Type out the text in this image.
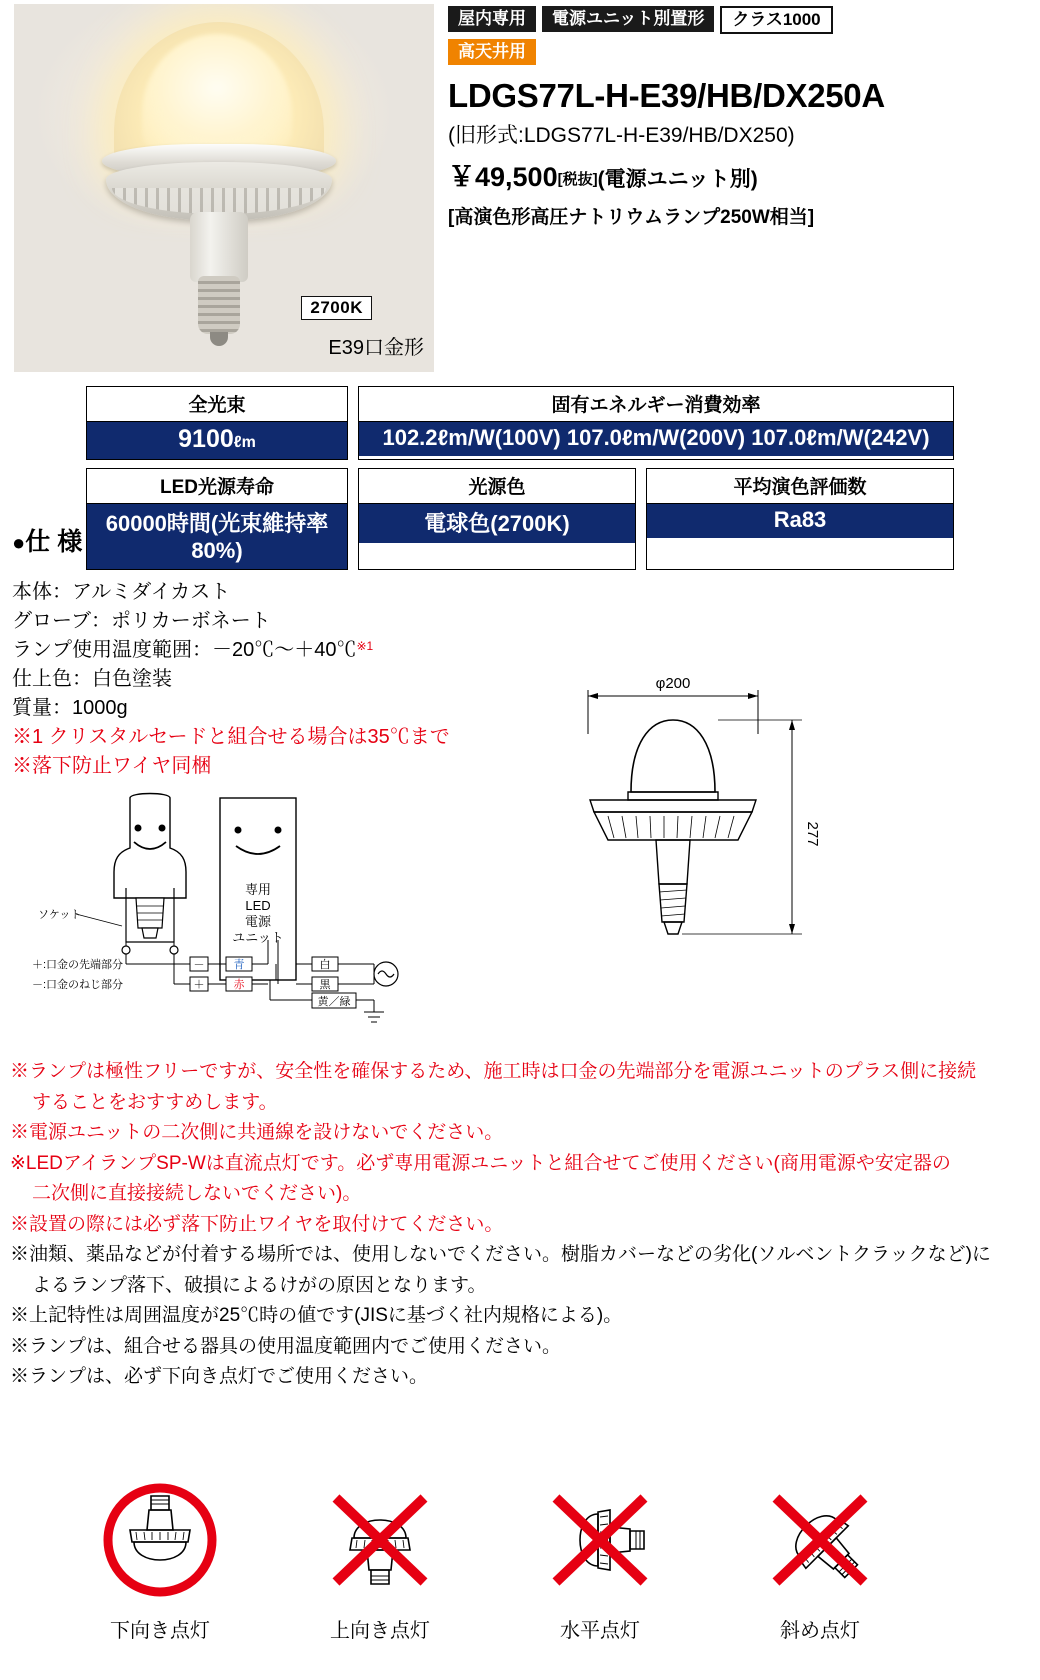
2700K
E39口金形
屋内専用	電源ユニット別置形	クラス1000
高天井用
LDGS77L-H-E39/HB/DX250A
(旧形式:LDGS77L-H-E39/HB/DX250)
￥49,500[税抜](電源ユニット別)
[高演色形高圧ナトリウムランプ250W相当]
全光束
9100ℓm
固有エネルギー消費効率
102.2ℓm/W(100V) 107.0ℓm/W(200V) 107.0ℓm/W(242V)
LED光源寿命
60000時間(光束維持率80%)
光源色
電球色(2700K)
平均演色評価数
Ra83
●仕 様
本体：アルミダイカスト
グローブ：ポリカーボネート
ランプ使用温度範囲：－20℃～＋40℃$^{※1}$
仕上色：白色塗装
質量：1000g
※1 クリスタルセードと組合せる場合は35℃まで
※落下防止ワイヤ同梱
φ200
277
ソケット
専用
LED
電源
ユニット
＋:口金の先端部分
－:口金のねじ部分
－
＋
青
赤
白
黒
黄／緑

※ランプは極性フリーですが、安全性を確保するため、施工時は口金の先端部分を電源ユニットのプラス側に接続

することをおすすめします。

※電源ユニットの二次側に共通線を設けないでください。

※LEDアイランプSP-Wは直流点灯です。必ず専用電源ユニットと組合せてご使用ください(商用電源や安定器の

二次側に直接接続しないでください)。

※設置の際には必ず落下防止ワイヤを取付けてください。

※油類、薬品などが付着する場所では、使用しないでください。樹脂カバーなどの劣化(ソルベントクラックなど)に

よるランプ落下、破損によるけがの原因となります。

※上記特性は周囲温度が25℃時の値です(JISに基づく社内規格による)。

※ランプは、組合せる器具の使用温度範囲内でご使用ください。

※ランプは、必ず下向き点灯でご使用ください。

下向き点灯	上向き点灯	水平点灯	斜め点灯
